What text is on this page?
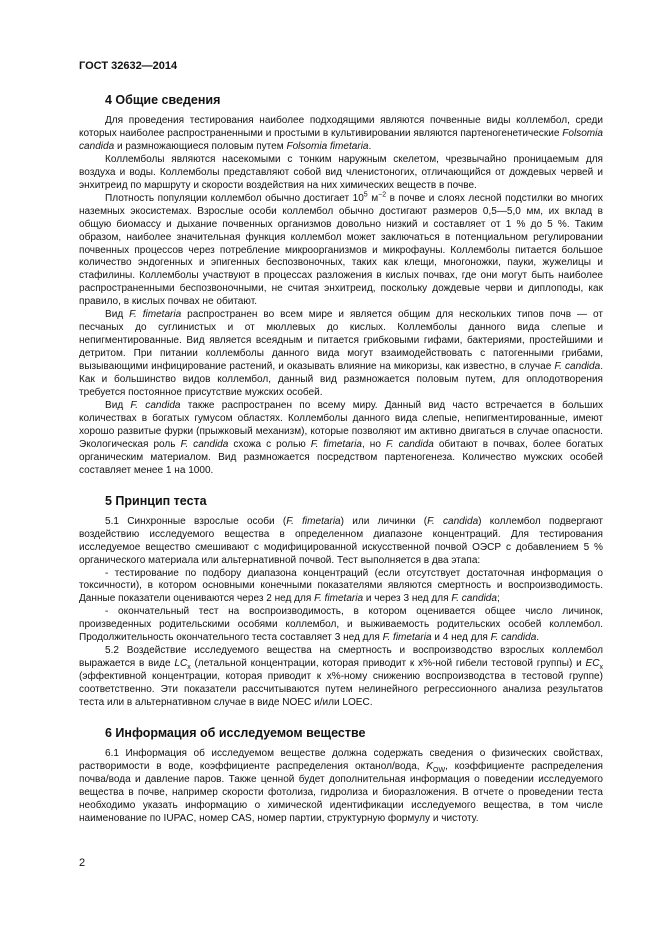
ГОСТ 32632—2014
4 Общие сведения

Для проведения тестирования наиболее подходящими являются почвенные виды коллембол, среди которых наиболее распространенными и простыми в культивировании являются партеногенетические Folsomia candida и размножающиеся половым путем Folsomia fimetaria.

Коллемболы являются насекомыми с тонким наружным скелетом, чрезвычайно проницаемым для воздуха и воды. Коллемболы представляют собой вид членистоногих, отличающийся от дождевых червей и энхитреид по маршруту и скорости воздействия на них химических веществ в почве.

Плотность популяции коллембол обычно достигает $10^5$ $м^{-2}$ в почве и слоях лесной подстилки во многих наземных экосистемах. Взрослые особи коллембол обычно достигают размеров 0,5—5,0 мм, их вклад в общую биомассу и дыхание почвенных организмов довольно низкий и составляет от 1 % до 5 %. Таким образом, наиболее значительная функция коллембол может заключаться в потенциальном регулировании почвенных процессов через потребление микроорганизмов и микрофауны. Коллемболы питается большое количество эндогенных и эпигенных беспозвоночных, таких как клещи, многоножки, пауки, жужелицы и стафилины. Коллемболы участвуют в процессах разложения в кислых почвах, где они могут быть наиболее распространенными беспозвоночными, не считая энхитреид, поскольку дождевые черви и диплоподы, как правило, в кислых почвах не обитают.

Вид F. fimetaria распространен во всем мире и является общим для нескольких типов почв — от песчаных до суглинистых и от мюллевых до кислых. Коллемболы данного вида слепые и непигментированные. Вид является всеядным и питается грибковыми гифами, бактериями, простейшими и детритом. При питании коллемболы данного вида могут взаимодействовать с патогенными грибами, вызывающими инфицирование растений, и оказывать влияние на микоризы, как известно, в случае F. candida. Как и большинство видов коллембол, данный вид размножается половым путем, для оплодотворения требуется постоянное присутствие мужских особей.

Вид F. candida также распространен по всему миру. Данный вид часто встречается в больших количествах в богатых гумусом областях. Коллемболы данного вида слепые, непигментированные, имеют хорошо развитые фурки (прыжковый механизм), которые позволяют им активно двигаться в случае опасности. Экологическая роль F. candida схожа с ролью F. fimetaria, но F. candida обитают в почвах, более богатых органическим материалом. Вид размножается посредством партеногенеза. Количество мужских особей составляет менее 1 на 1000.

5 Принцип теста

5.1 Синхронные взрослые особи (F. fimetaria) или личинки (F. candida) коллембол подвергают воздействию исследуемого вещества в определенном диапазоне концентраций. Для тестирования исследуемое вещество смешивают с модифицированной искусственной почвой ОЭСР с добавлением 5 % органического материала или альтернативной почвой. Тест выполняется в два этапа:

- тестирование по подбору диапазона концентраций (если отсутствует достаточная информация о токсичности), в котором основными конечными показателями являются смертность и воспроизводимость. Данные показатели оцениваются через 2 нед для F. fimetaria и через 3 нед для F. candida;

- окончательный тест на воспроизводимость, в котором оценивается общее число личинок, произведенных родительскими особями коллембол, и выживаемость родительских особей коллембол. Продолжительность окончательного теста составляет 3 нед для F. fimetaria и 4 нед для F. candida.

5.2 Воздействие исследуемого вещества на смертность и воспроизводство взрослых коллембол выражается в виде $LC_x$ (летальной концентрации, которая приводит к x%-ной гибели тестовой группы) и $EC_x$ (эффективной концентрации, которая приводит к x%-ному снижению воспроизводства в тестовой группе) соответственно. Эти показатели рассчитываются путем нелинейного регрессионного анализа результатов теста или в альтернативном случае в виде NOEC и/или LOEC.

6 Информация об исследуемом веществе

6.1 Информация об исследуемом веществе должна содержать сведения о физических свойствах, растворимости в воде, коэффициенте распределения октанол/вода, $K_{OW}$, коэффициенте распределения почва/вода и давление паров. Также ценной будет дополнительная информация о поведении исследуемого вещества в почве, например скорости фотолиза, гидролиза и биоразложения. В отчете о проведении теста необходимо указать информацию о химической идентификации исследуемого вещества, в том числе наименование по IUPAC, номер CAS, номер партии, структурную формулу и чистоту.

2
